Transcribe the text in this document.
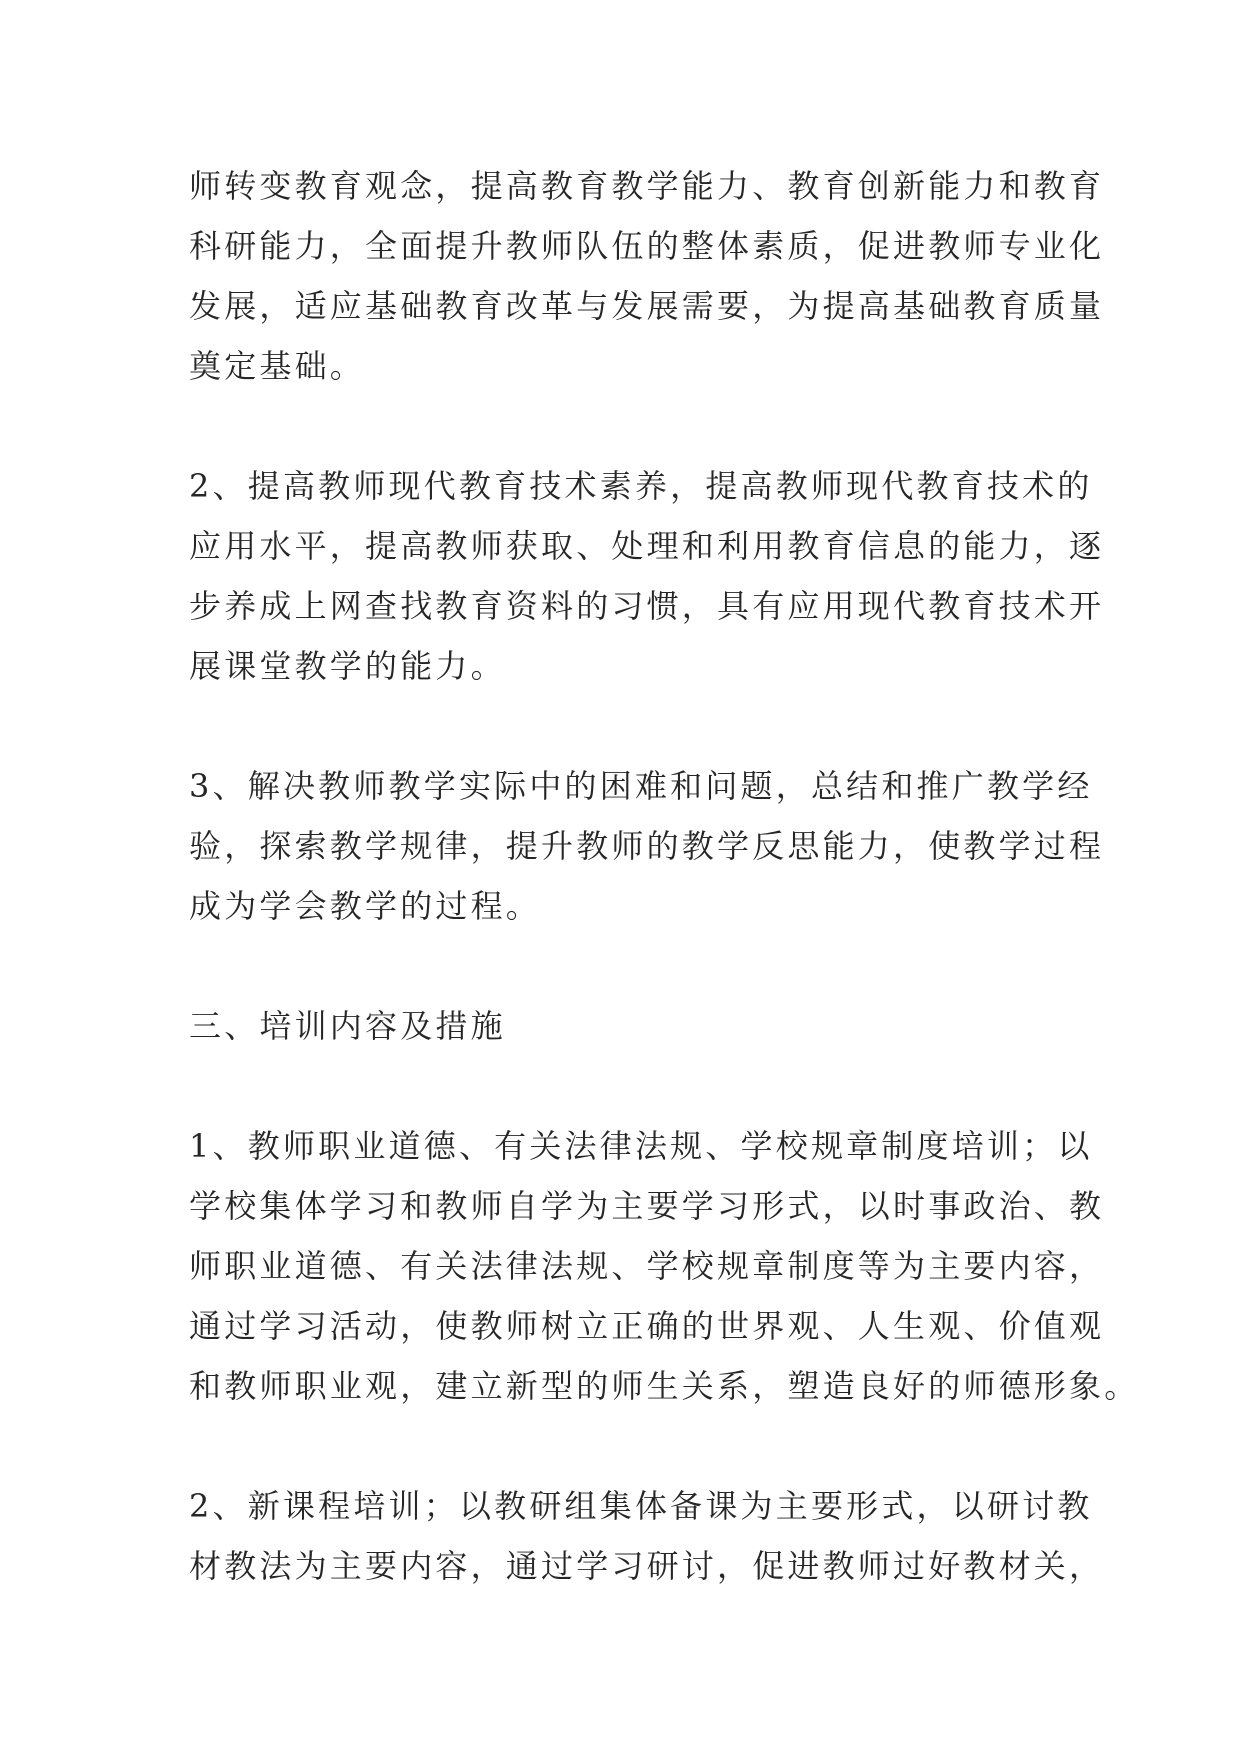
师转变教育观念，提高教育教学能力、教育创新能力和教育
科研能力，全面提升教师队伍的整体素质，促进教师专业化
发展，适应基础教育改革与发展需要，为提高基础教育质量
奠定基础。
2、提高教师现代教育技术素养，提高教师现代教育技术的
应用水平，提高教师获取、处理和利用教育信息的能力，逐
步养成上网查找教育资料的习惯，具有应用现代教育技术开
展课堂教学的能力。
3、解决教师教学实际中的困难和问题，总结和推广教学经
验，探索教学规律，提升教师的教学反思能力，使教学过程
成为学会教学的过程。
三、培训内容及措施
1、教师职业道德、有关法律法规、学校规章制度培训；以
学校集体学习和教师自学为主要学习形式，以时事政治、教
师职业道德、有关法律法规、学校规章制度等为主要内容，
通过学习活动，使教师树立正确的世界观、人生观、价值观
和教师职业观，建立新型的师生关系，塑造良好的师德形象。
2、新课程培训；以教研组集体备课为主要形式，以研讨教
材教法为主要内容，通过学习研讨，促进教师过好教材关，
